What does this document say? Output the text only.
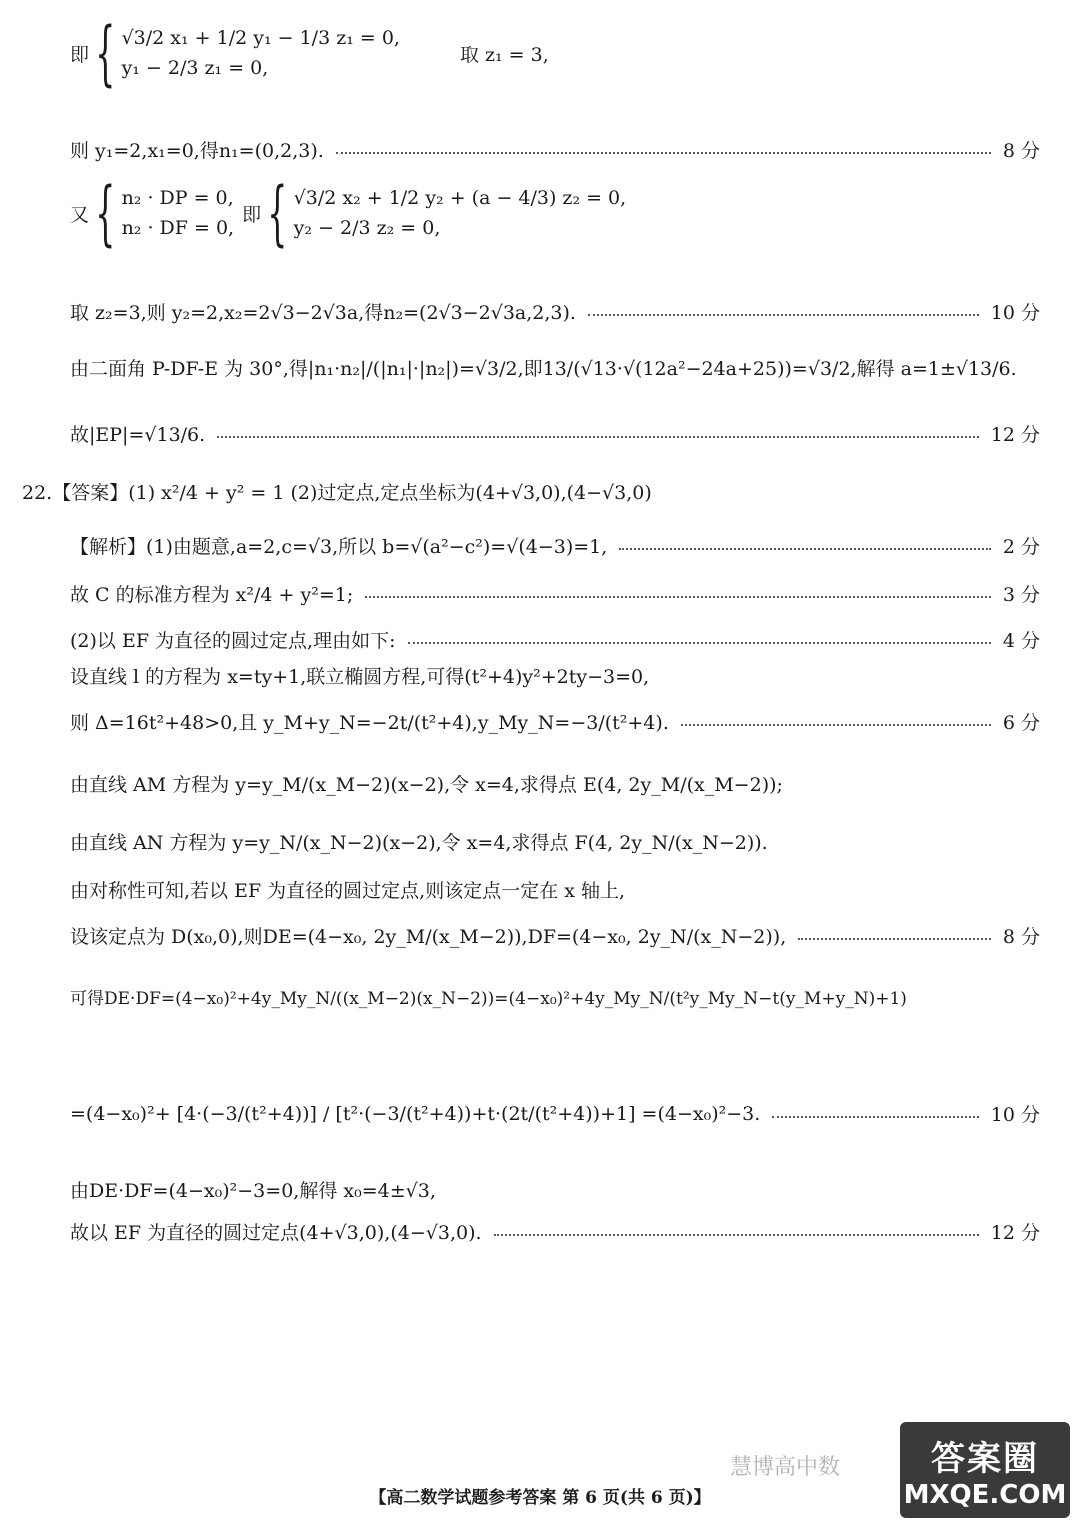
即 { √3/2 x₁ + 1/2 y₁ − 1/3 z₁ = 0,
y₁ − 2/3 z₁ = 0,
取 z₁ = 3,
则 y₁=2,x₁=0,得n₁=(0,2,3).	8 分
又 { n₂ · DP = 0,
n₂ · DF = 0,
即 { √3/2 x₂ + 1/2 y₂ + (a − 4/3) z₂ = 0,
y₂ − 2/3 z₂ = 0,
取 z₂=3,则 y₂=2,x₂=2√3−2√3a,得n₂=(2√3−2√3a,2,3).	10 分
由二面角 P-DF-E 为 30°,得|n₁·n₂|/(|n₁|·|n₂|)=√3/2,即13/(√13·√(12a²−24a+25))=√3/2,解得 a=1±√13/6.
故|EP|=√13/6.	12 分
22.【答案】(1) x²/4 + y² = 1 (2)过定点,定点坐标为(4+√3,0),(4−√3,0)
【解析】(1)由题意,a=2,c=√3,所以 b=√(a²−c²)=√(4−3)=1,	2 分
故 C 的标准方程为 x²/4 + y²=1;	3 分
(2)以 EF 为直径的圆过定点,理由如下:	4 分
设直线 l 的方程为 x=ty+1,联立椭圆方程,可得(t²+4)y²+2ty−3=0,
则 Δ=16t²+48>0,且 y_M+y_N=−2t/(t²+4),y_My_N=−3/(t²+4).	6 分
由直线 AM 方程为 y=y_M/(x_M−2)(x−2),令 x=4,求得点 E(4, 2y_M/(x_M−2));
由直线 AN 方程为 y=y_N/(x_N−2)(x−2),令 x=4,求得点 F(4, 2y_N/(x_N−2)).
由对称性可知,若以 EF 为直径的圆过定点,则该定点一定在 x 轴上,
设该定点为 D(x₀,0),则DE=(4−x₀, 2y_M/(x_M−2)),DF=(4−x₀, 2y_N/(x_N−2)),	8 分
可得DE·DF=(4−x₀)²+4y_My_N/((x_M−2)(x_N−2))=(4−x₀)²+4y_My_N/(t²y_My_N−t(y_M+y_N)+1)
=(4−x₀)²+ [4·(−3/(t²+4))] / [t²·(−3/(t²+4))+t·(2t/(t²+4))+1] =(4−x₀)²−3.	10 分
由DE·DF=(4−x₀)²−3=0,解得 x₀=4±√3,
故以 EF 为直径的圆过定点(4+√3,0),(4−√3,0).	12 分
慧博高中数	答案圈
MXQE.COM
【高二数学试题参考答案 第 6 页(共 6 页)】
